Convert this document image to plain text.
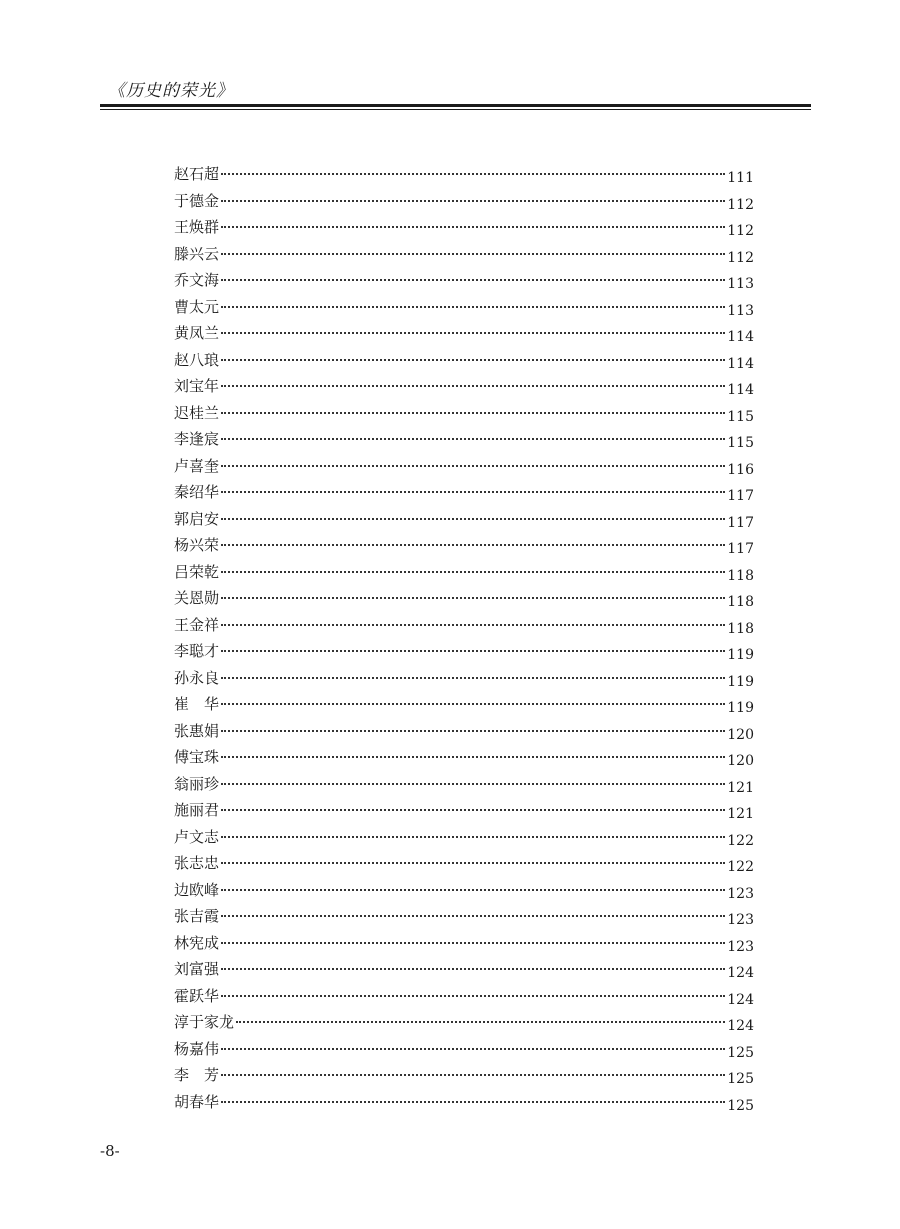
《历史的荣光》
赵石超	111
于德金	112
王焕群	112
滕兴云	112
乔文海	113
曹太元	113
黄凤兰	114
赵八琅	114
刘宝年	114
迟桂兰	115
李逢宸	115
卢喜奎	116
秦绍华	117
郭启安	117
杨兴荣	117
吕荣乾	118
关恩勋	118
王金祥	118
李聪才	119
孙永良	119
崔　华	119
张惠娟	120
傅宝珠	120
翁丽珍	121
施丽君	121
卢文志	122
张志忠	122
边欧峰	123
张吉霞	123
林宪成	123
刘富强	124
霍跃华	124
淳于家龙	124
杨嘉伟	125
李　芳	125
胡春华	125
-8-
